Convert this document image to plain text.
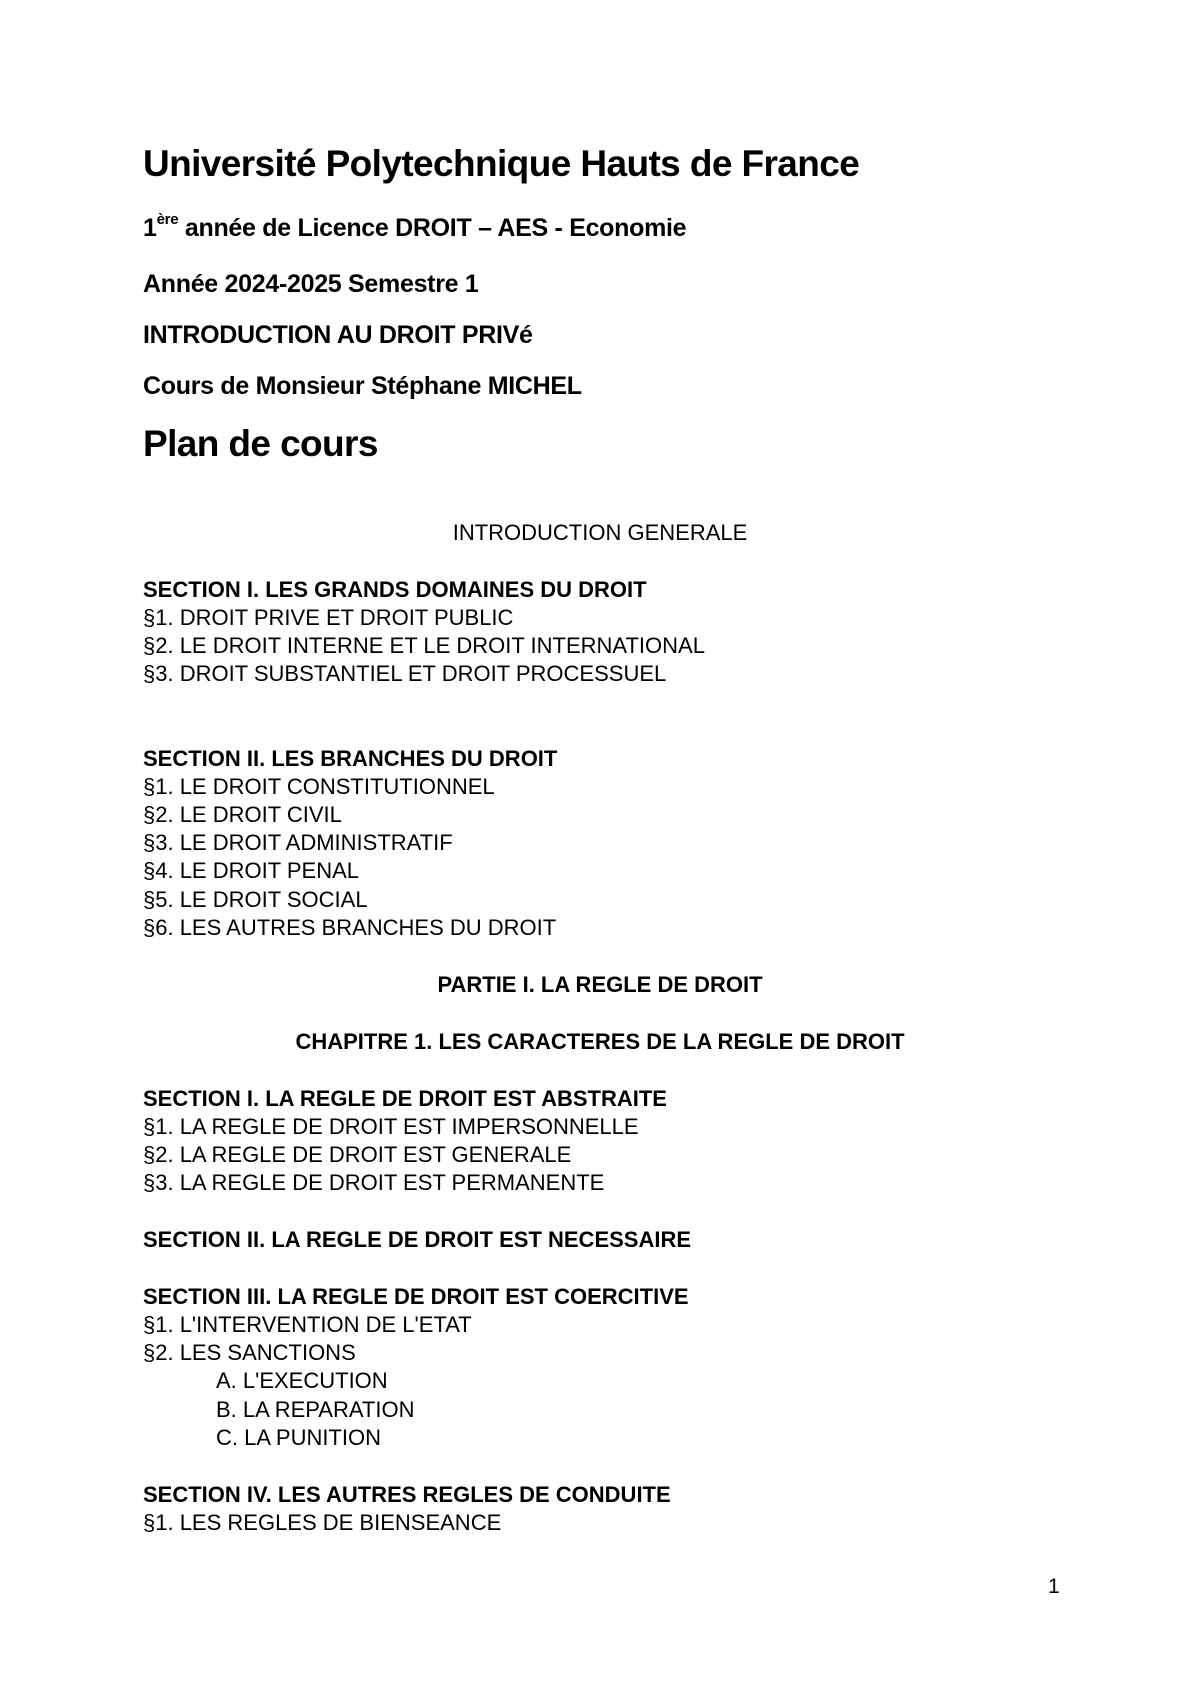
Université Polytechnique Hauts de France
1ère année de Licence DROIT – AES - Economie
Année 2024-2025 Semestre 1
INTRODUCTION AU DROIT PRIVé
Cours de Monsieur Stéphane MICHEL
Plan de cours
INTRODUCTION GENERALE
SECTION I. LES GRANDS DOMAINES DU DROIT
§1. DROIT PRIVE ET DROIT PUBLIC
§2. LE DROIT INTERNE ET LE DROIT INTERNATIONAL
§3. DROIT SUBSTANTIEL ET DROIT PROCESSUEL
SECTION II. LES BRANCHES DU DROIT
§1. LE DROIT CONSTITUTIONNEL
§2. LE DROIT CIVIL
§3. LE DROIT ADMINISTRATIF
§4. LE DROIT PENAL
§5. LE DROIT SOCIAL
§6. LES AUTRES BRANCHES DU DROIT
PARTIE I. LA REGLE DE DROIT
CHAPITRE 1. LES CARACTERES DE LA REGLE DE DROIT
SECTION I. LA REGLE DE DROIT EST ABSTRAITE
§1. LA REGLE DE DROIT EST IMPERSONNELLE
§2. LA REGLE DE DROIT EST GENERALE
§3. LA REGLE DE DROIT EST PERMANENTE
SECTION II. LA REGLE DE DROIT EST NECESSAIRE
SECTION III. LA REGLE DE DROIT EST COERCITIVE
§1. L'INTERVENTION DE L'ETAT
§2. LES SANCTIONS
A. L'EXECUTION
B. LA REPARATION
C. LA PUNITION
SECTION IV. LES AUTRES REGLES DE CONDUITE
§1. LES REGLES DE BIENSEANCE
1
